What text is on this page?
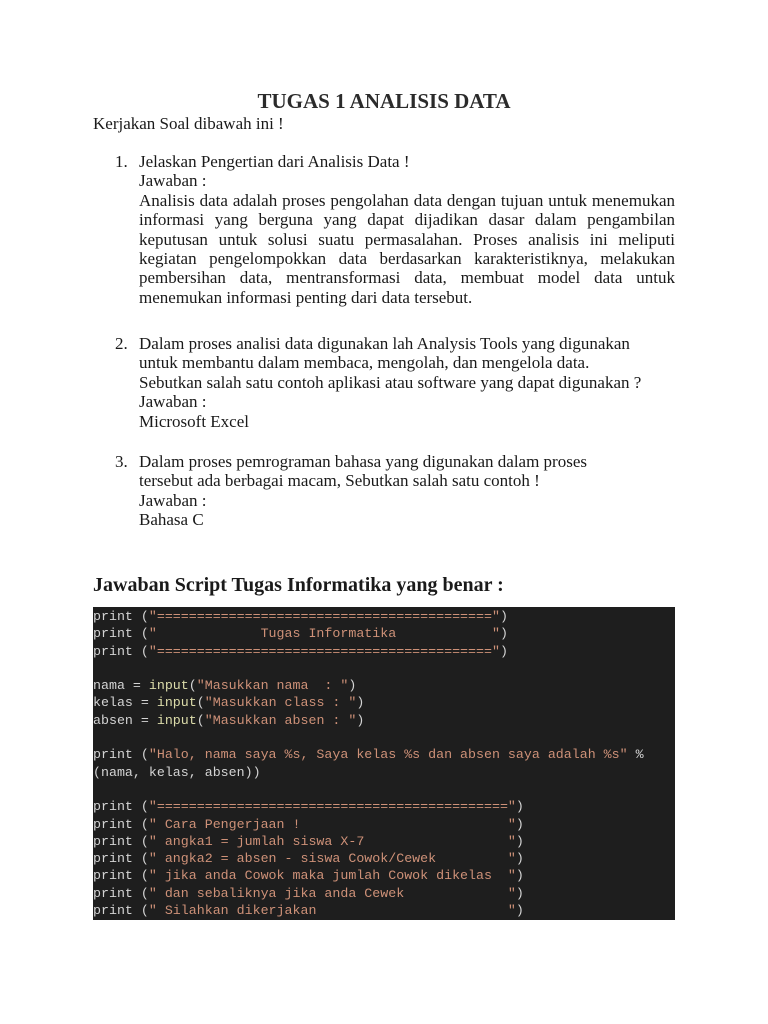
TUGAS 1 ANALISIS DATA
Kerjakan Soal dibawah ini !
1. Jelaskan Pengertian dari Analisis Data !
Jawaban :
Analisis data adalah proses pengolahan data dengan tujuan untuk menemukan informasi yang berguna yang dapat dijadikan dasar dalam pengambilan keputusan untuk solusi suatu permasalahan. Proses analisis ini meliputi kegiatan pengelompokkan data berdasarkan karakteristiknya, melakukan pembersihan data, mentransformasi data, membuat model data untuk menemukan informasi penting dari data tersebut.
2. Dalam proses analisi data digunakan lah Analysis Tools yang digunakan
untuk membantu dalam membaca, mengolah, dan mengelola data.
Sebutkan salah satu contoh aplikasi atau software yang dapat digunakan ?
Jawaban :
Microsoft Excel
3. Dalam proses pemrograman bahasa yang digunakan dalam proses
tersebut ada berbagai macam, Sebutkan salah satu contoh !
Jawaban :
Bahasa C
Jawaban Script Tugas Informatika yang benar :
print ("==========================================")
print ("             Tugas Informatika            ")
print ("==========================================")
nama = input("Masukkan nama  : ")
kelas = input("Masukkan class : ")
absen = input("Masukkan absen : ")
print ("Halo, nama saya %s, Saya kelas %s dan absen saya adalah %s" %
(nama, kelas, absen))
print ("============================================")
print (" Cara Pengerjaan !                          ")
print (" angka1 = jumlah siswa X-7                  ")
print (" angka2 = absen - siswa Cowok/Cewek         ")
print (" jika anda Cowok maka jumlah Cowok dikelas  ")
print (" dan sebaliknya jika anda Cewek             ")
print (" Silahkan dikerjakan                        ")
